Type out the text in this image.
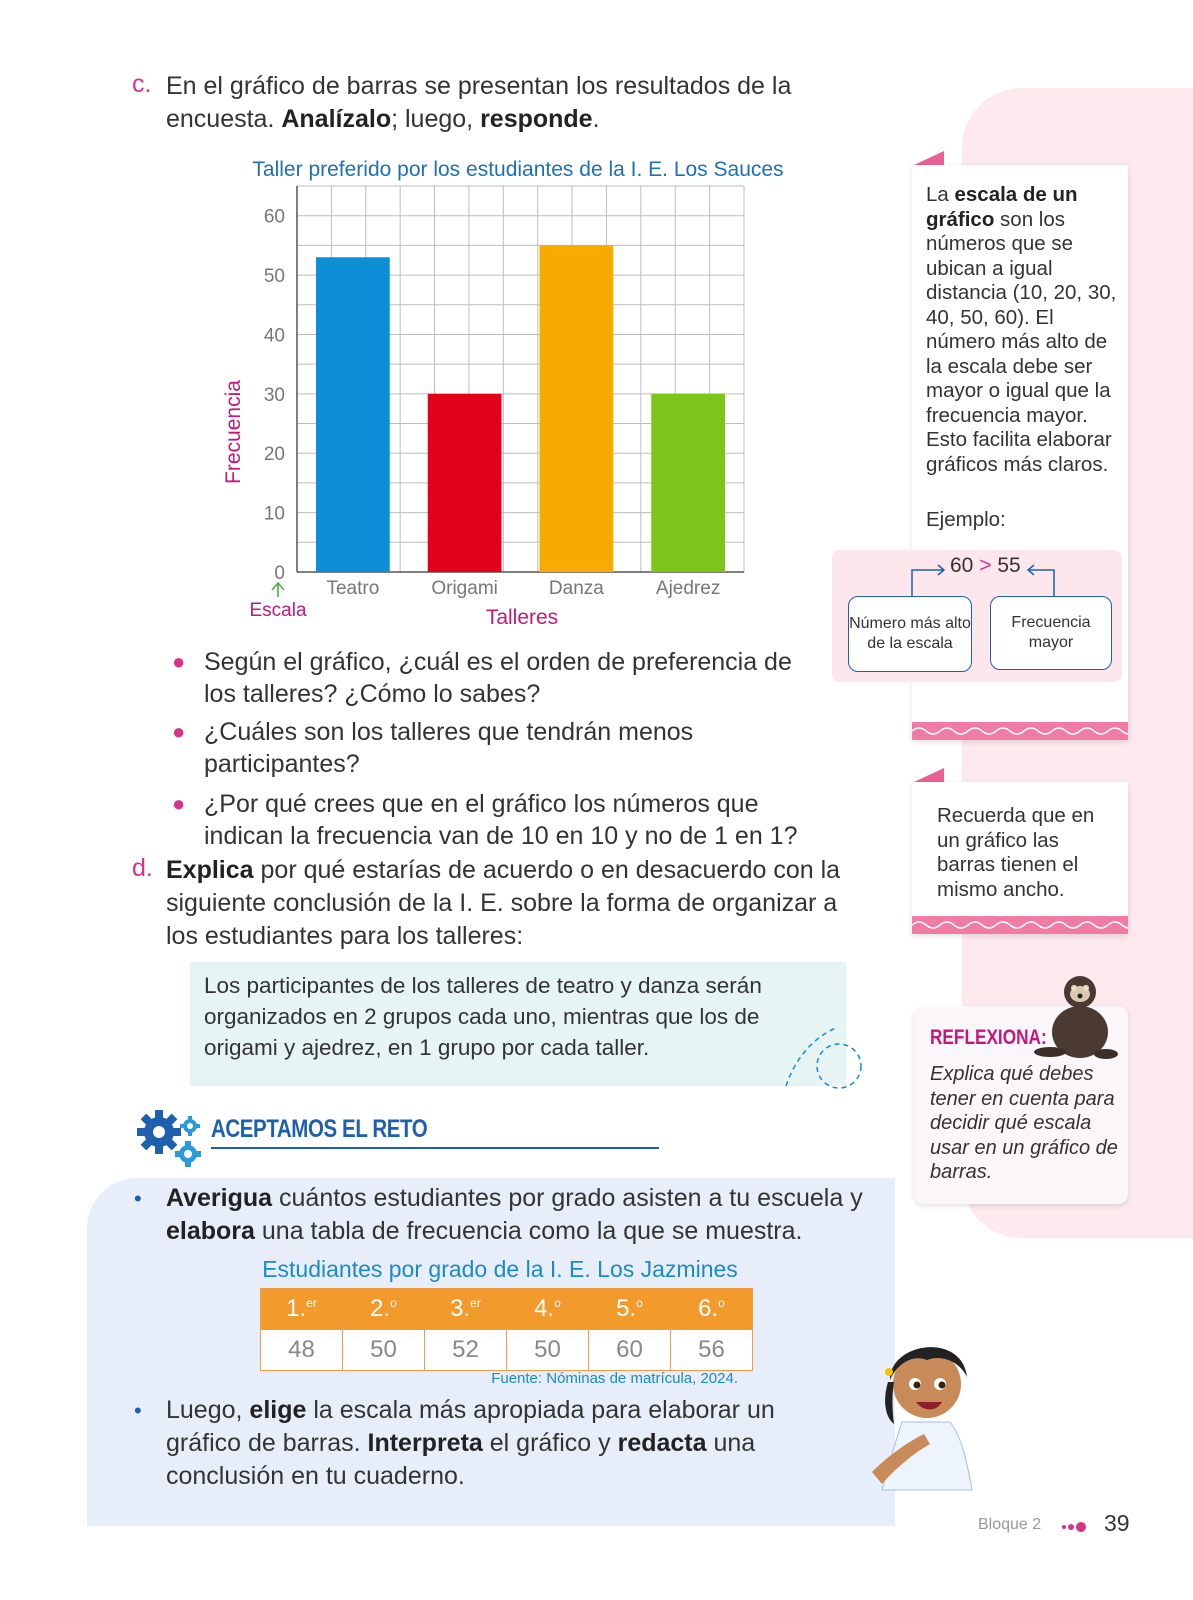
c. En el gráfico de barras se presentan los resultados de la
encuesta. Analízalo; luego, responde.
Taller preferido por los estudiantes de la I. E. Los Sauces
0
10
20
30
40
50
60
Teatro	Origami	Danza	Ajedrez
Frecuencia
Talleres
Escala
● Según el gráfico, ¿cuál es el orden de preferencia de los talleres? ¿Cómo lo sabes?
● ¿Cuáles son los talleres que tendrán menos participantes?
● ¿Por qué crees que en el gráfico los números que indican la frecuencia van de 10 en 10 y no de 1 en 1?
d. Explica por qué estarías de acuerdo o en desacuerdo con la
siguiente conclusión de la I. E. sobre la forma de organizar a
los estudiantes para los talleres:
Los participantes de los talleres de teatro y danza serán organizados en 2 grupos cada uno, mientras que los de origami y ajedrez, en 1 grupo por cada taller.
ACEPTAMOS EL RETO
• Averigua cuántos estudiantes por grado asisten a tu escuela y
elabora una tabla de frecuencia como la que se muestra.
Estudiantes por grado de la I. E. Los Jazmines
1.$^{er}$	2.$^o$	3.$^{er}$	4.$^o$	5.$^o$	6.$^o$
48	50	52	50	60	56
Fuente: Nóminas de matrícula, 2024.
• Luego, elige la escala más apropiada para elaborar un
gráfico de barras. Interpreta el gráfico y redacta una
conclusión en tu cuaderno.
La escala de un gráfico son los números que se ubican a igual distancia (10, 20, 30, 40, 50, 60). El número más alto de la escala debe ser mayor o igual que la frecuencia mayor. Esto facilita elaborar gráficos más claros.
Ejemplo:
60 > 55
Número más alto de la escala
Frecuencia mayor
Recuerda que en un gráfico las barras tienen el mismo ancho.
REFLEXIONA:
Explica qué debes tener en cuenta para decidir qué escala usar en un gráfico de barras.
Bloque 2	39
